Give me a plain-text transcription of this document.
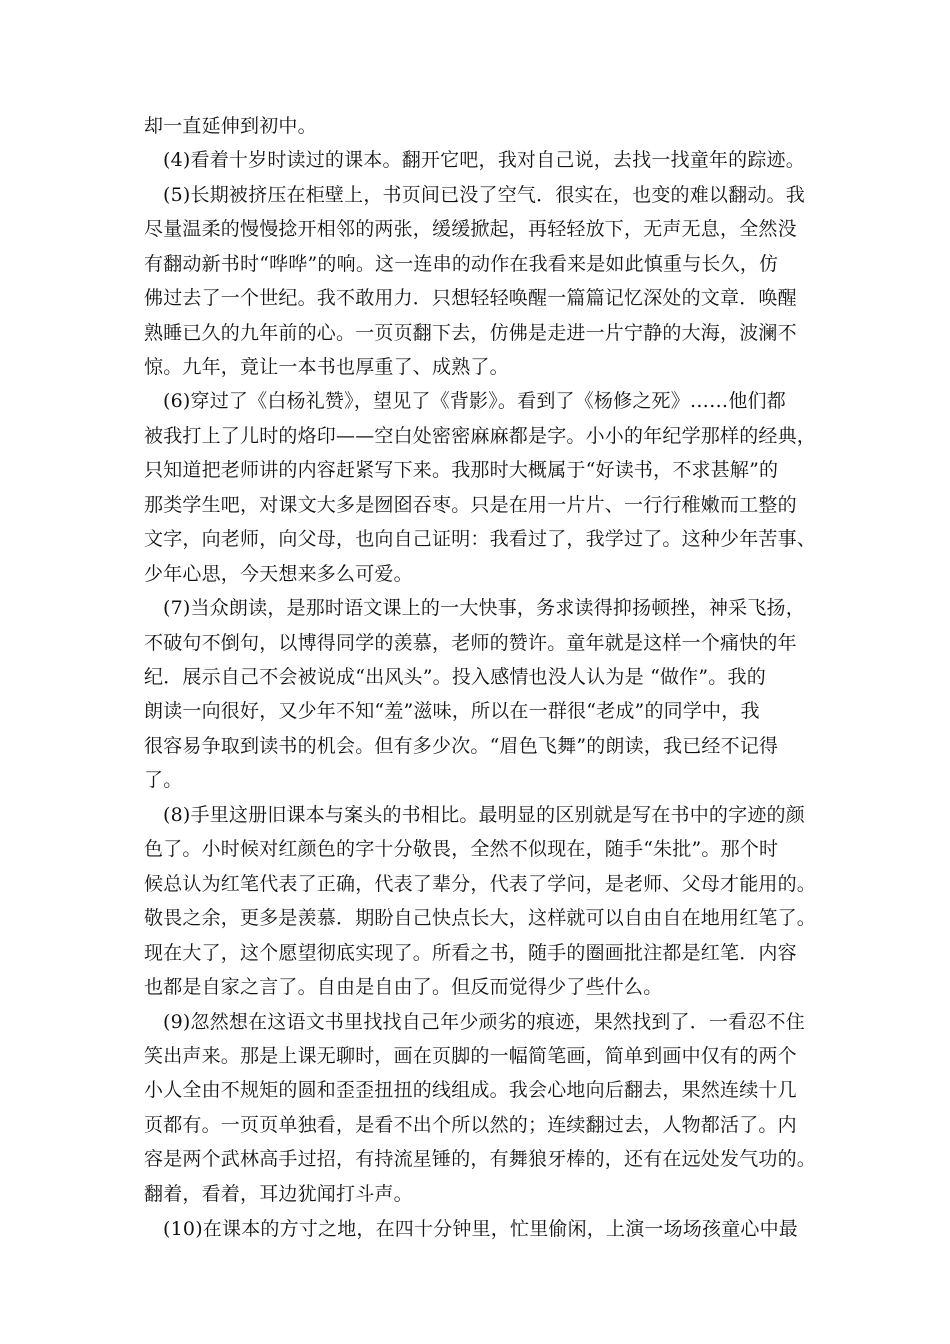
却一直延伸到初中。
(4)看着十岁时读过的课本。翻开它吧，我对自己说，去找一找童年的踪迹。
(5)长期被挤压在柜壁上，书页间已没了空气．很实在，也变的难以翻动。我
尽量温柔的慢慢捻开相邻的两张，缓缓掀起，再轻轻放下，无声无息，全然没
有翻动新书时“哗哗”的响。这一连串的动作在我看来是如此慎重与长久，仿
佛过去了一个世纪。我不敢用力．只想轻轻唤醒一篇篇记忆深处的文章．唤醒
熟睡已久的九年前的心。一页页翻下去，仿佛是走进一片宁静的大海，波澜不
惊。九年，竟让一本书也厚重了、成熟了。
(6)穿过了《白杨礼赞》，望见了《背影》。看到了《杨修之死》……他们都
被我打上了儿时的烙印——空白处密密麻麻都是字。小小的年纪学那样的经典，
只知道把老师讲的内容赶紧写下来。我那时大概属于“好读书，不求甚解”的
那类学生吧，对课文大多是囫囵吞枣。只是在用一片片、一行行稚嫩而工整的
文字，向老师，向父母，也向自己证明：我看过了，我学过了。这种少年苦事、
少年心思，今天想来多么可爱。
(7)当众朗读，是那时语文课上的一大快事，务求读得抑扬顿挫，神采飞扬，
不破句不倒句，以博得同学的羡慕，老师的赞许。童年就是这样一个痛快的年
纪．展示自己不会被说成“出风头”。投入感情也没人认为是 “做作”。我的
朗读一向很好，又少年不知“羞”滋味，所以在一群很“老成”的同学中，我
很容易争取到读书的机会。但有多少次。“眉色飞舞”的朗读，我已经不记得
了。
(8)手里这册旧课本与案头的书相比。最明显的区别就是写在书中的字迹的颜
色了。小时候对红颜色的字十分敬畏，全然不似现在，随手“朱批”。那个时
候总认为红笔代表了正确，代表了辈分，代表了学问，是老师、父母才能用的。
敬畏之余，更多是羡慕．期盼自己快点长大，这样就可以自由自在地用红笔了。
现在大了，这个愿望彻底实现了。所看之书，随手的圈画批注都是红笔．内容
也都是自家之言了。自由是自由了。但反而觉得少了些什么。
(9)忽然想在这语文书里找找自己年少顽劣的痕迹，果然找到了．一看忍不住
笑出声来。那是上课无聊时，画在页脚的一幅简笔画，简单到画中仅有的两个
小人全由不规矩的圆和歪歪扭扭的线组成。我会心地向后翻去，果然连续十几
页都有。一页页单独看，是看不出个所以然的；连续翻过去，人物都活了。内
容是两个武林高手过招，有持流星锤的，有舞狼牙棒的，还有在远处发气功的。
翻着，看着，耳边犹闻打斗声。
(10)在课本的方寸之地，在四十分钟里，忙里偷闲，上演一场场孩童心中最
